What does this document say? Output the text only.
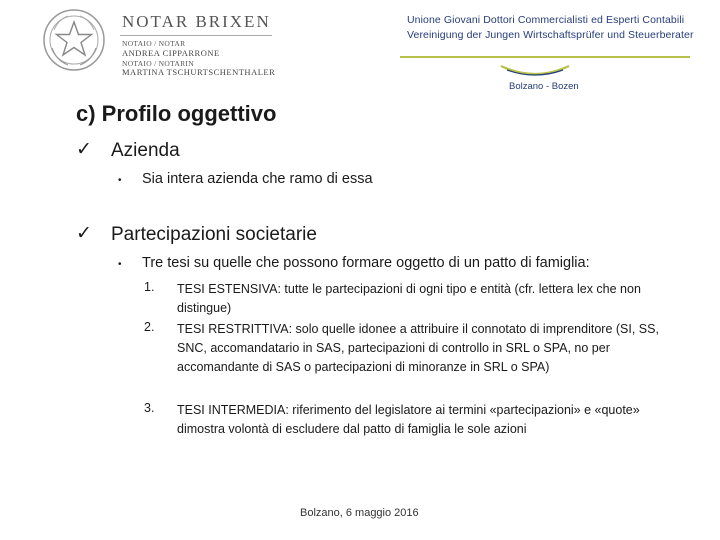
NOTAR BRIXEN
NOTAIO / NOTAR
ANDREA CIPPARRONE
NOTAIO / NOTARIN
MARTINA TSCHURTSCHENTHALER
Unione Giovani Dottori Commercialisti ed Esperti Contabili
Vereinigung der Jungen Wirtschaftsprüfer und Steuerberater
Bolzano - Bozen
c) Profilo oggettivo
✓ Azienda
• Sia intera azienda che ramo di essa
✓ Partecipazioni societarie
• Tre tesi su quelle che possono formare oggetto di un patto di famiglia:
1. TESI ESTENSIVA: tutte le partecipazioni di ogni tipo e entità (cfr. lettera lex che non distingue)
2. TESI RESTRITTIVA: solo quelle idonee a attribuire il connotato di imprenditore (SI, SS, SNC, accomandatario in SAS, partecipazioni di controllo in SRL o SPA, no per accomandante di SAS o partecipazioni di minoranze in SRL o SPA)
3. TESI INTERMEDIA: riferimento del legislatore ai termini «partecipazioni» e «quote» dimostra volontà di escludere dal patto di famiglia le sole azioni
Bolzano, 6 maggio 2016
